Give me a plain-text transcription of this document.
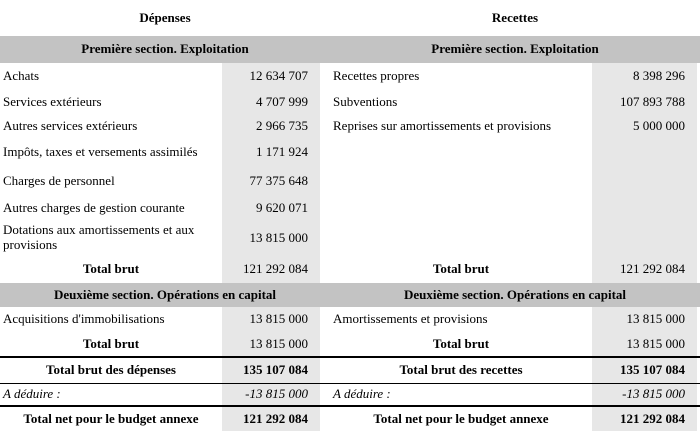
Dépenses	Recettes
Première section. Exploitation	Première section. Exploitation
Achats	12 634 707	Recettes propres	8 398 296
Services extérieurs	4 707 999	Subventions	107 893 788
Autres services extérieurs	2 966 735	Reprises sur amortissements et provisions	5 000 000
Impôts, taxes et versements assimilés	1 171 924
Charges de personnel	77 375 648
Autres charges de gestion courante	9 620 071
Dotations aux amortissements et aux provisions	13 815 000
Total brut	121 292 084	Total brut	121 292 084
Deuxième section. Opérations en capital	Deuxième section. Opérations en capital
Acquisitions d'immobilisations	13 815 000	Amortissements et provisions	13 815 000
Total brut	13 815 000	Total brut	13 815 000
Total brut des dépenses	135 107 084	Total brut des recettes	135 107 084
A déduire :	-13 815 000	A déduire :	-13 815 000
Total net pour le budget annexe	121 292 084	Total net pour le budget annexe	121 292 084
